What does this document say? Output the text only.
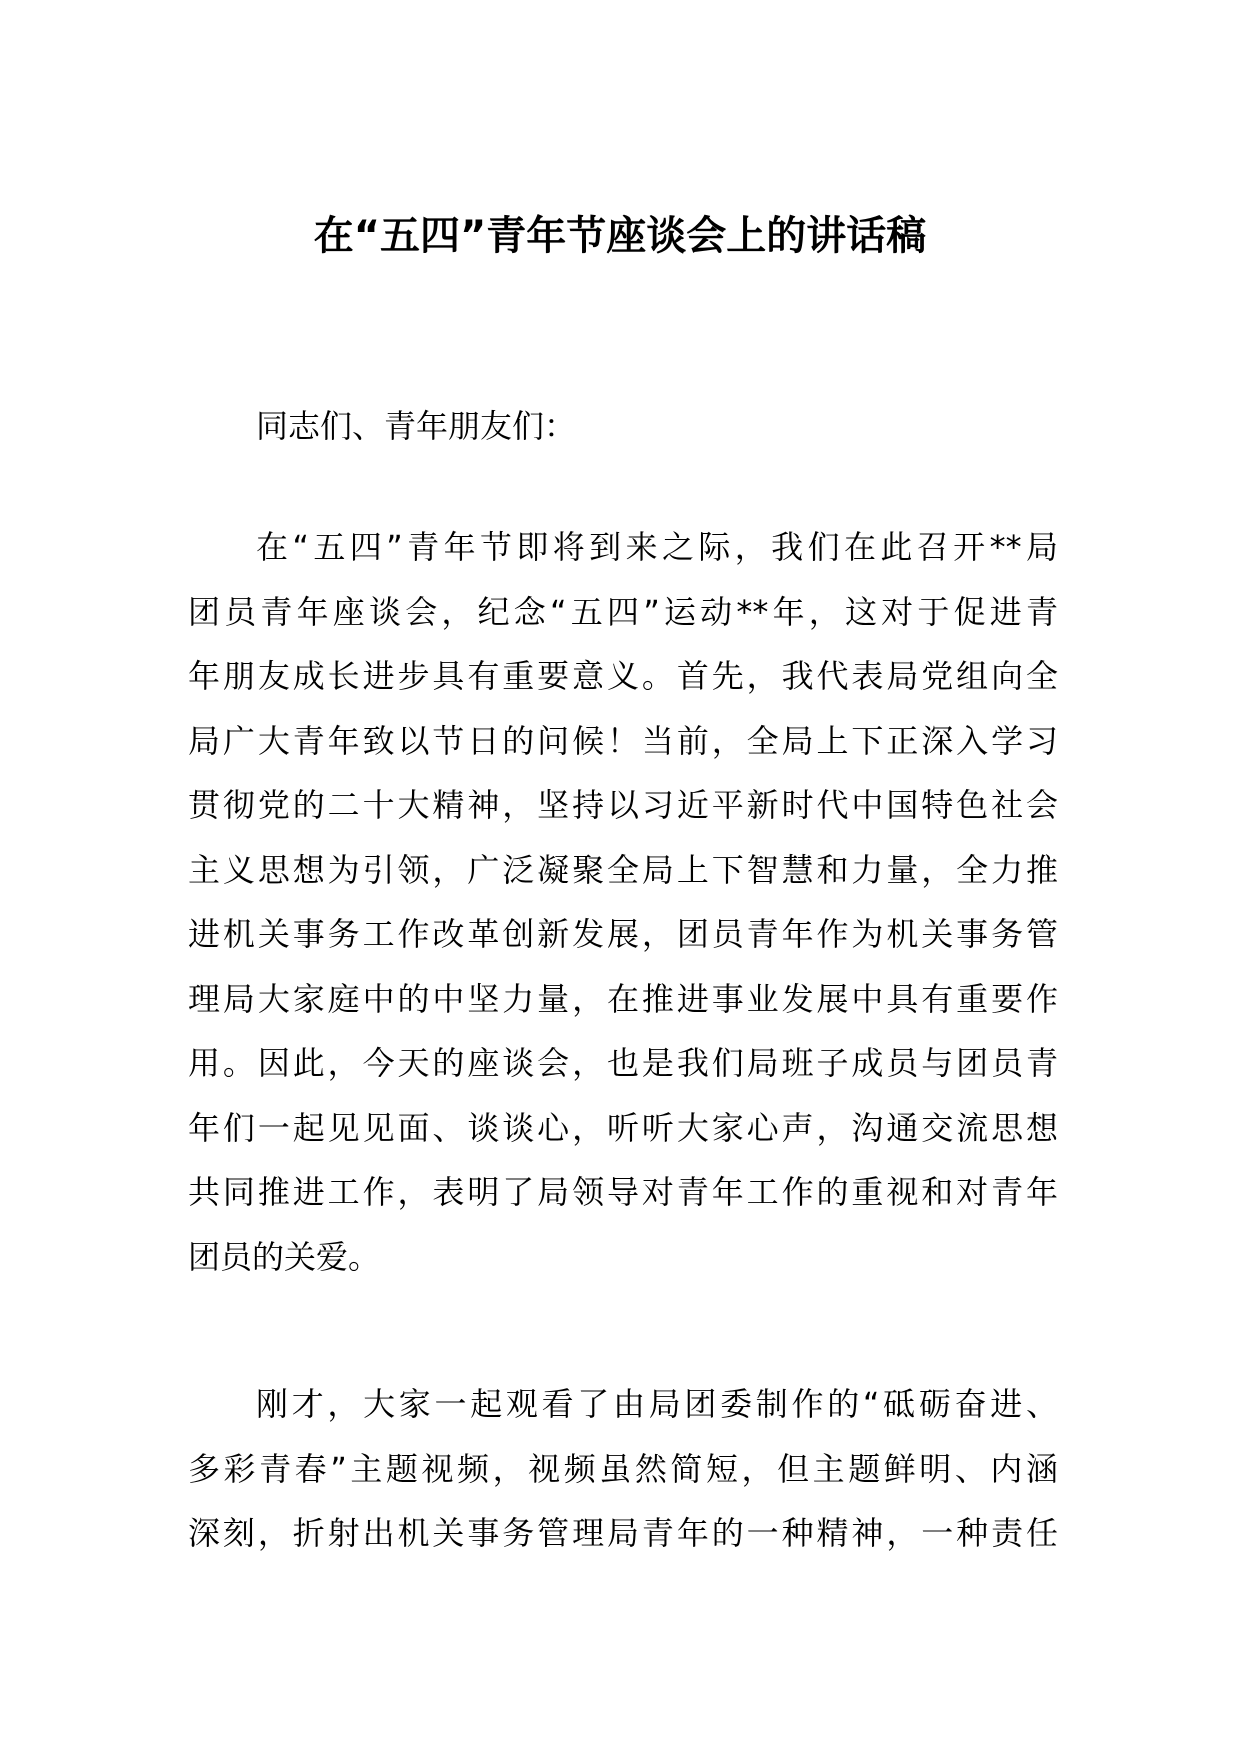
在“五四”青年节座谈会上的讲话稿

同志们、青年朋友们：

在“五四”青年节即将到来之际，我们在此召开**局
团员青年座谈会，纪念“五四”运动**年，这对于促进青
年朋友成长进步具有重要意义。首先，我代表局党组向全
局广大青年致以节日的问候！当前，全局上下正深入学习
贯彻党的二十大精神，坚持以习近平新时代中国特色社会
主义思想为引领，广泛凝聚全局上下智慧和力量，全力推
进机关事务工作改革创新发展，团员青年作为机关事务管
理局大家庭中的中坚力量，在推进事业发展中具有重要作
用。因此，今天的座谈会，也是我们局班子成员与团员青
年们一起见见面、谈谈心，听听大家心声，沟通交流思想
共同推进工作，表明了局领导对青年工作的重视和对青年
团员的关爱。
刚才，大家一起观看了由局团委制作的“砥砺奋进、
多彩青春”主题视频，视频虽然简短，但主题鲜明、内涵
深刻，折射出机关事务管理局青年的一种精神，一种责任
